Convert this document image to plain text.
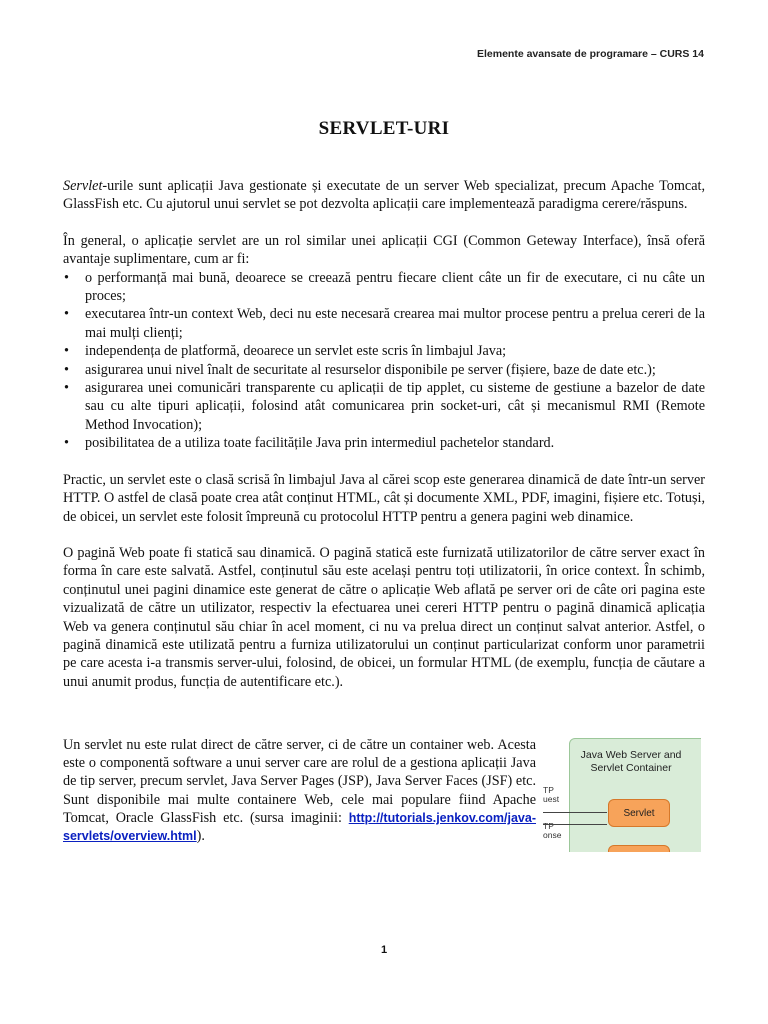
Elemente avansate de programare – CURS 14
SERVLET-URI

Servlet-urile sunt aplicații Java gestionate și executate de un server Web specializat, precum Apache Tomcat, GlassFish etc. Cu ajutorul unui servlet se pot dezvolta aplicații care implementează paradigma cerere/răspuns.

În general, o aplicație servlet are un rol similar unei aplicații CGI (Common Geteway Interface), însă oferă avantaje suplimentare, cum ar fi:

• o performanță mai bună, deoarece se creează pentru fiecare client câte un fir de executare, ci nu câte un proces;
• executarea într-un context Web, deci nu este necesară crearea mai multor procese pentru a prelua cereri de la mai mulți clienți;
• independența de platformă, deoarece un servlet este scris în limbajul Java;
• asigurarea unui nivel înalt de securitate al resurselor disponibile pe server (fișiere, baze de date etc.);
• asigurarea unei comunicări transparente cu aplicații de tip applet, cu sisteme de gestiune a bazelor de date sau cu alte tipuri aplicații, folosind atât comunicarea prin socket-uri, cât și mecanismul RMI (Remote Method Invocation);
• posibilitatea de a utiliza toate facilitățile Java prin intermediul pachetelor standard.

Practic, un servlet este o clasă scrisă în limbajul Java al cărei scop este generarea dinamică de date într-un server HTTP. O astfel de clasă poate crea atât conținut HTML, cât și documente XML, PDF, imagini, fișiere etc. Totuși, de obicei, un servlet este folosit împreună cu protocolul HTTP pentru a genera pagini web dinamice.

O pagină Web poate fi statică sau dinamică. O pagină statică este furnizată utilizatorilor de către server exact în forma în care este salvată. Astfel, conținutul său este același pentru toți utilizatorii, în orice context. În schimb, conținutul unei pagini dinamice este generat de către o aplicație Web aflată pe server ori de câte ori pagina este vizualizată de către un utilizator, respectiv la efectuarea unei cereri HTTP pentru o pagină dinamică aplicația Web va genera conținutul său chiar în acel moment, ci nu va prelua direct un conținut salvat anterior. Astfel, o pagină dinamică este utilizată pentru a furniza utilizatorului un conținut particularizat conform unor parametrii pe care acesta i-a transmis server-ului, folosind, de obicei, un formular HTML (de exemplu, funcția de căutare a unui anumit produs, funcția de autentificare etc.).

Un servlet nu este rulat direct de către server, ci de către un container web. Acesta este o componentă software a unui server care are rolul de a gestiona aplicații Java de tip server, precum servlet, Java Server Pages (JSP), Java Server Faces (JSF) etc. Sunt disponibile mai multe containere Web, cele mai populare fiind Apache Tomcat, Oracle GlassFish etc. (sursa imaginii: http://tutorials.jenkov.com/java-servlets/overview.html).
Java Web Server and
Servlet Container
Servlet
TP
uest
TP
onse
1
